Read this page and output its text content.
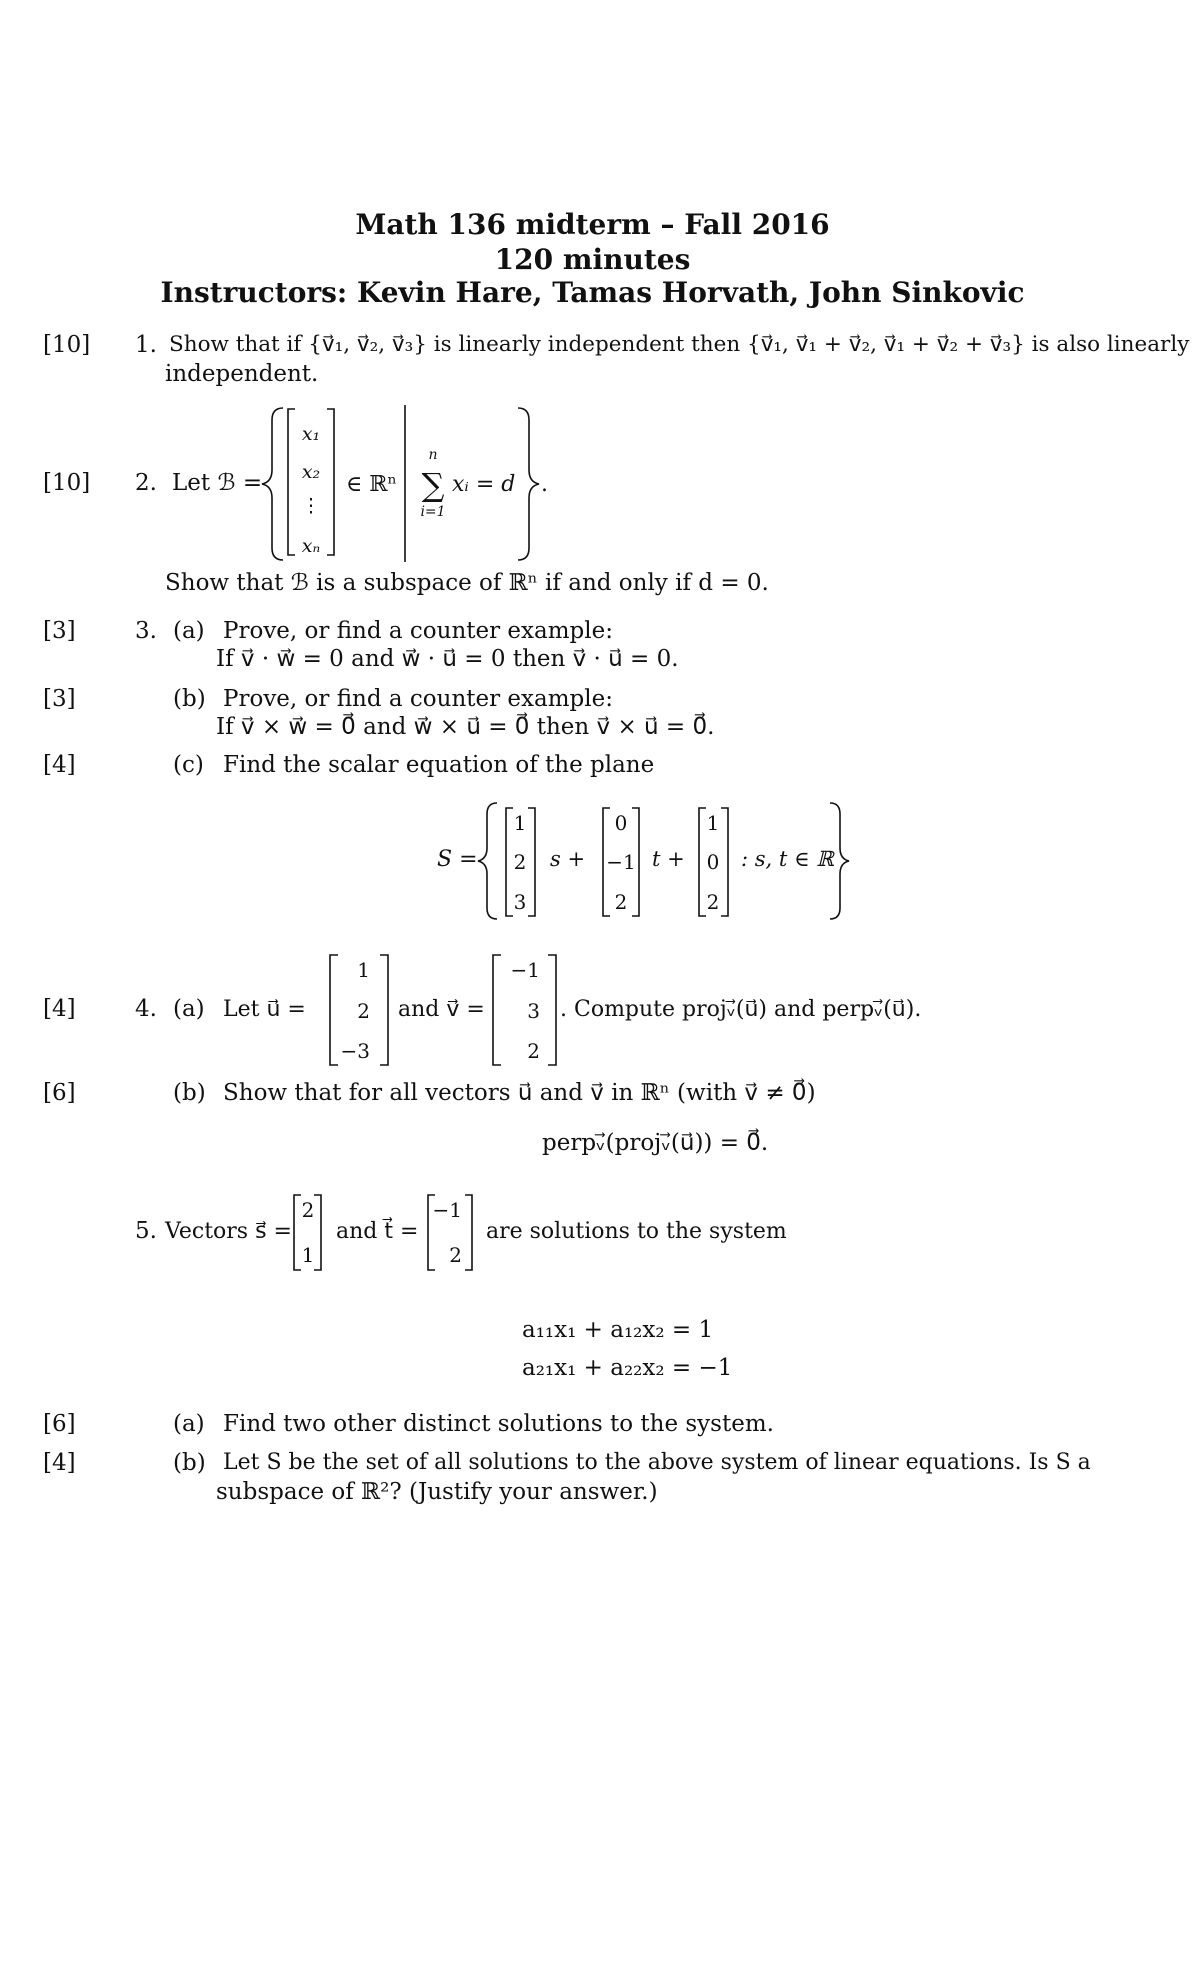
Math 136 midterm – Fall 2016
120 minutes
Instructors: Kevin Hare, Tamas Horvath, John Sinkovic
[10] 1. Show that if {v⃗₁, v⃗₂, v⃗₃} is linearly independent then {v⃗₁, v⃗₁ + v⃗₂, v⃗₁ + v⃗₂ + v⃗₃} is also linearly
independent.
[10] 2. Let ℬ =
x₁
x₂
⋮
xₙ
∈ ℝⁿ
n
∑
i=1
xᵢ = d .
Show that ℬ is a subspace of ℝⁿ if and only if d = 0.
[3]	3. (a) Prove, or find a counter example:
If v⃗ · w⃗ = 0 and w⃗ · u⃗ = 0 then v⃗ · u⃗ = 0.
[3]	(b) Prove, or find a counter example:
If v⃗ × w⃗ = 0⃗ and w⃗ × u⃗ = 0⃗ then v⃗ × u⃗ = 0⃗.
[4]	(c) Find the scalar equation of the plane
S =
1
2
3
s +
0
−1
2
t +
1
0
2
: s, t ∈ ℝ
[4]	4. (a) Let u⃗ =
1
2
−3
and v⃗ =
−1
3
2
. Compute projᵥ⃗(u⃗) and perpᵥ⃗(u⃗).
[6]	(b) Show that for all vectors u⃗ and v⃗ in ℝⁿ (with v⃗ ≠ 0⃗)
perpᵥ⃗(projᵥ⃗(u⃗)) = 0⃗.
5. Vectors s⃗ =
2
1
and t⃗ =
−1
2
are solutions to the system
a₁₁x₁ + a₁₂x₂ = 1
a₂₁x₁ + a₂₂x₂ = −1
[6]	(a) Find two other distinct solutions to the system.
[4]	(b) Let S be the set of all solutions to the above system of linear equations. Is S a
subspace of ℝ²? (Justify your answer.)
